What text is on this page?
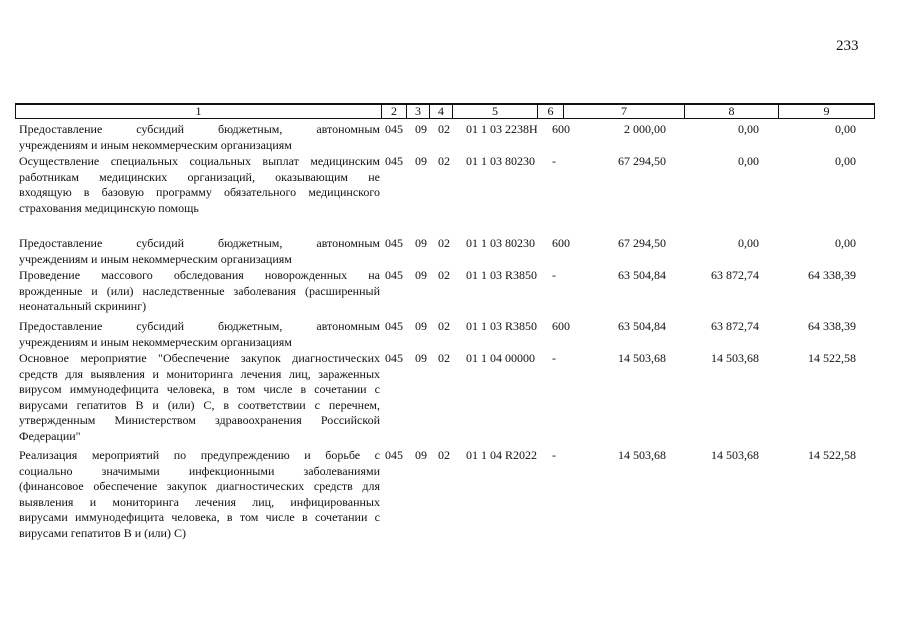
233
1	2	3	4	5	6	7	8	9
Предоставление субсидий бюджетным, автономным
учреждениям и иным некоммерческим организациям
045 09 02 01 1 03 2238Н 600	2 000,00	0,00	0,00
Осуществление специальных социальных выплат медицинским
работникам медицинских организаций, оказывающим не
входящую в базовую программу обязательного медицинского
страхования медицинскую помощь
045 09 02 01 1 03 80230 -	67 294,50	0,00	0,00
Предоставление субсидий бюджетным, автономным
учреждениям и иным некоммерческим организациям
045 09 02 01 1 03 80230 600	67 294,50	0,00	0,00
Проведение массового обследования новорожденных на
врожденные и (или) наследственные заболевания (расширенный
неонатальный скрининг)
045 09 02 01 1 03 R3850 -	63 504,84	63 872,74	64 338,39
Предоставление субсидий бюджетным, автономным
учреждениям и иным некоммерческим организациям
045 09 02 01 1 03 R3850 600	63 504,84	63 872,74	64 338,39
Основное мероприятие "Обеспечение закупок диагностических
средств для выявления и мониторинга лечения лиц, зараженных
вирусом иммунодефицита человека, в том числе в сочетании с
вирусами гепатитов В и (или) С, в соответствии с перечнем,
утвержденным Министерством здравоохранения Российской
Федерации"
045 09 02 01 1 04 00000 -	14 503,68	14 503,68	14 522,58
Реализация мероприятий по предупреждению и борьбе с
социально значимыми инфекционными заболеваниями
(финансовое обеспечение закупок диагностических средств для
выявления и мониторинга лечения лиц, инфицированных
вирусами иммунодефицита человека, в том числе в сочетании с
вирусами гепатитов В и (или) С)
045 09 02 01 1 04 R2022 -	14 503,68	14 503,68	14 522,58
